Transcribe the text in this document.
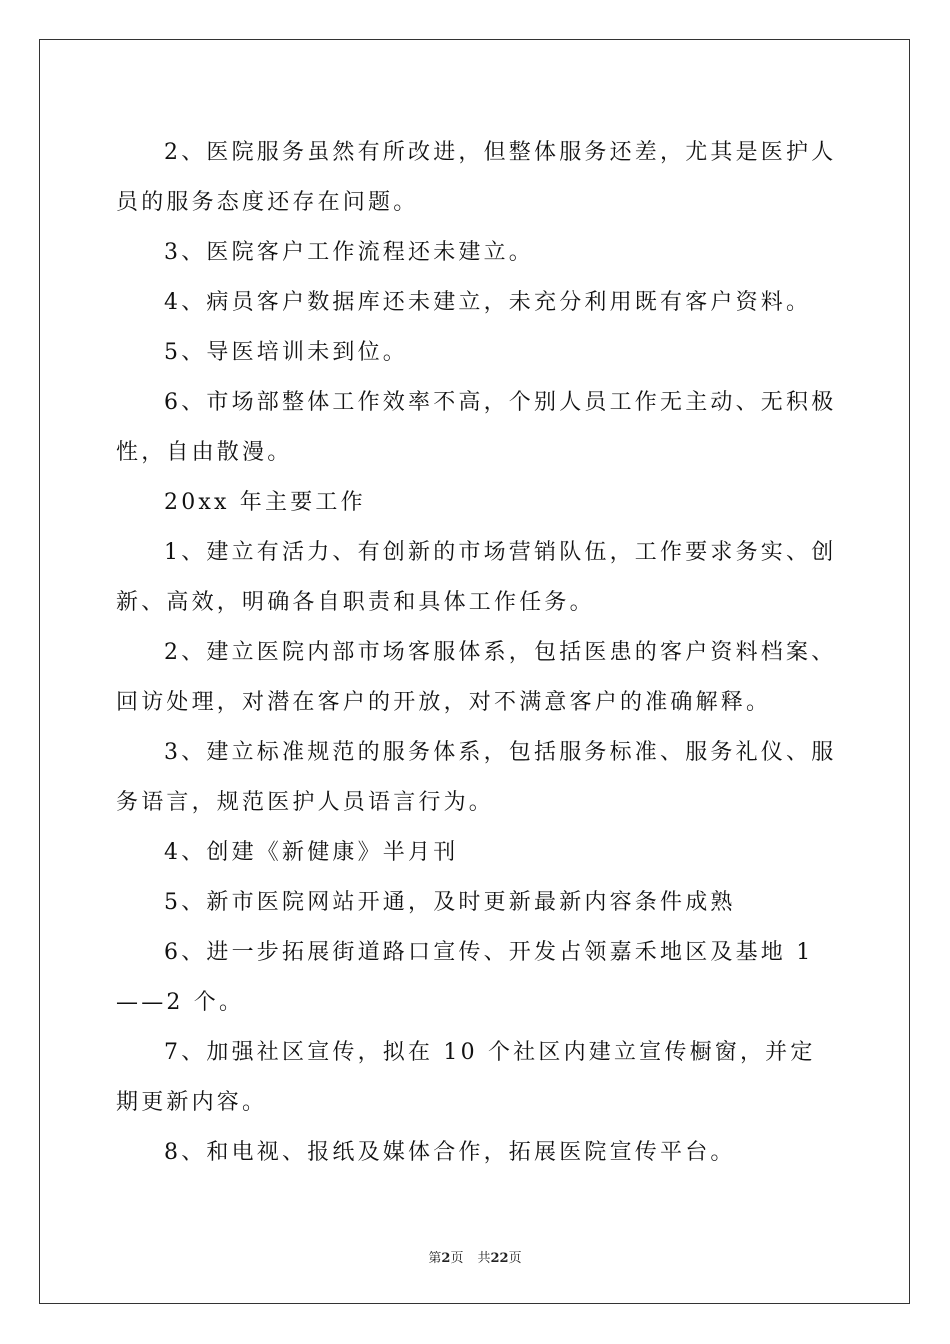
2、医院服务虽然有所改进，但整体服务还差，尤其是医护人员的服务态度还存在问题。

3、医院客户工作流程还未建立。

4、病员客户数据库还未建立，未充分利用既有客户资料。

5、导医培训未到位。

6、市场部整体工作效率不高，个别人员工作无主动、无积极性，自由散漫。

20xx 年主要工作

1、建立有活力、有创新的市场营销队伍，工作要求务实、创新、高效，明确各自职责和具体工作任务。

2、建立医院内部市场客服体系，包括医患的客户资料档案、回访处理，对潜在客户的开放，对不满意客户的准确解释。

3、建立标准规范的服务体系，包括服务标准、服务礼仪、服务语言，规范医护人员语言行为。

4、创建《新健康》半月刊

5、新市医院网站开通，及时更新最新内容条件成熟

6、进一步拓展街道路口宣传、开发占领嘉禾地区及基地 1——2 个。

7、加强社区宣传，拟在 10 个社区内建立宣传橱窗，并定期更新内容。

8、和电视、报纸及媒体合作，拓展医院宣传平台。

第2页 共22页
